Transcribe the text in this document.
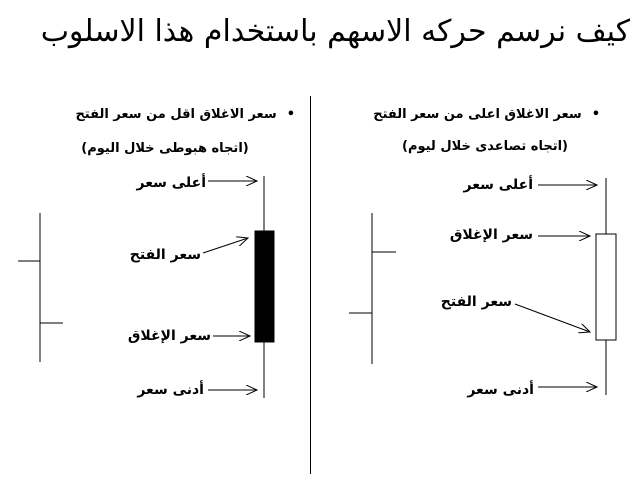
كيف نرسم حركه الاسهم باستخدام هذا الاسلوب
•سعر الاغلاق اعلى من سعر الفتح
(اتجاه تصاعدى خلال ليوم)
•سعر الاغلاق اقل من سعر الفتح
(اتجاه هبوطى خلال اليوم)
أعلى سعر
سعر الإغلاق
سعر الفتح
أدنى سعر
أعلى سعر
سعر الفتح
سعر الإغلاق
أدنى سعر
